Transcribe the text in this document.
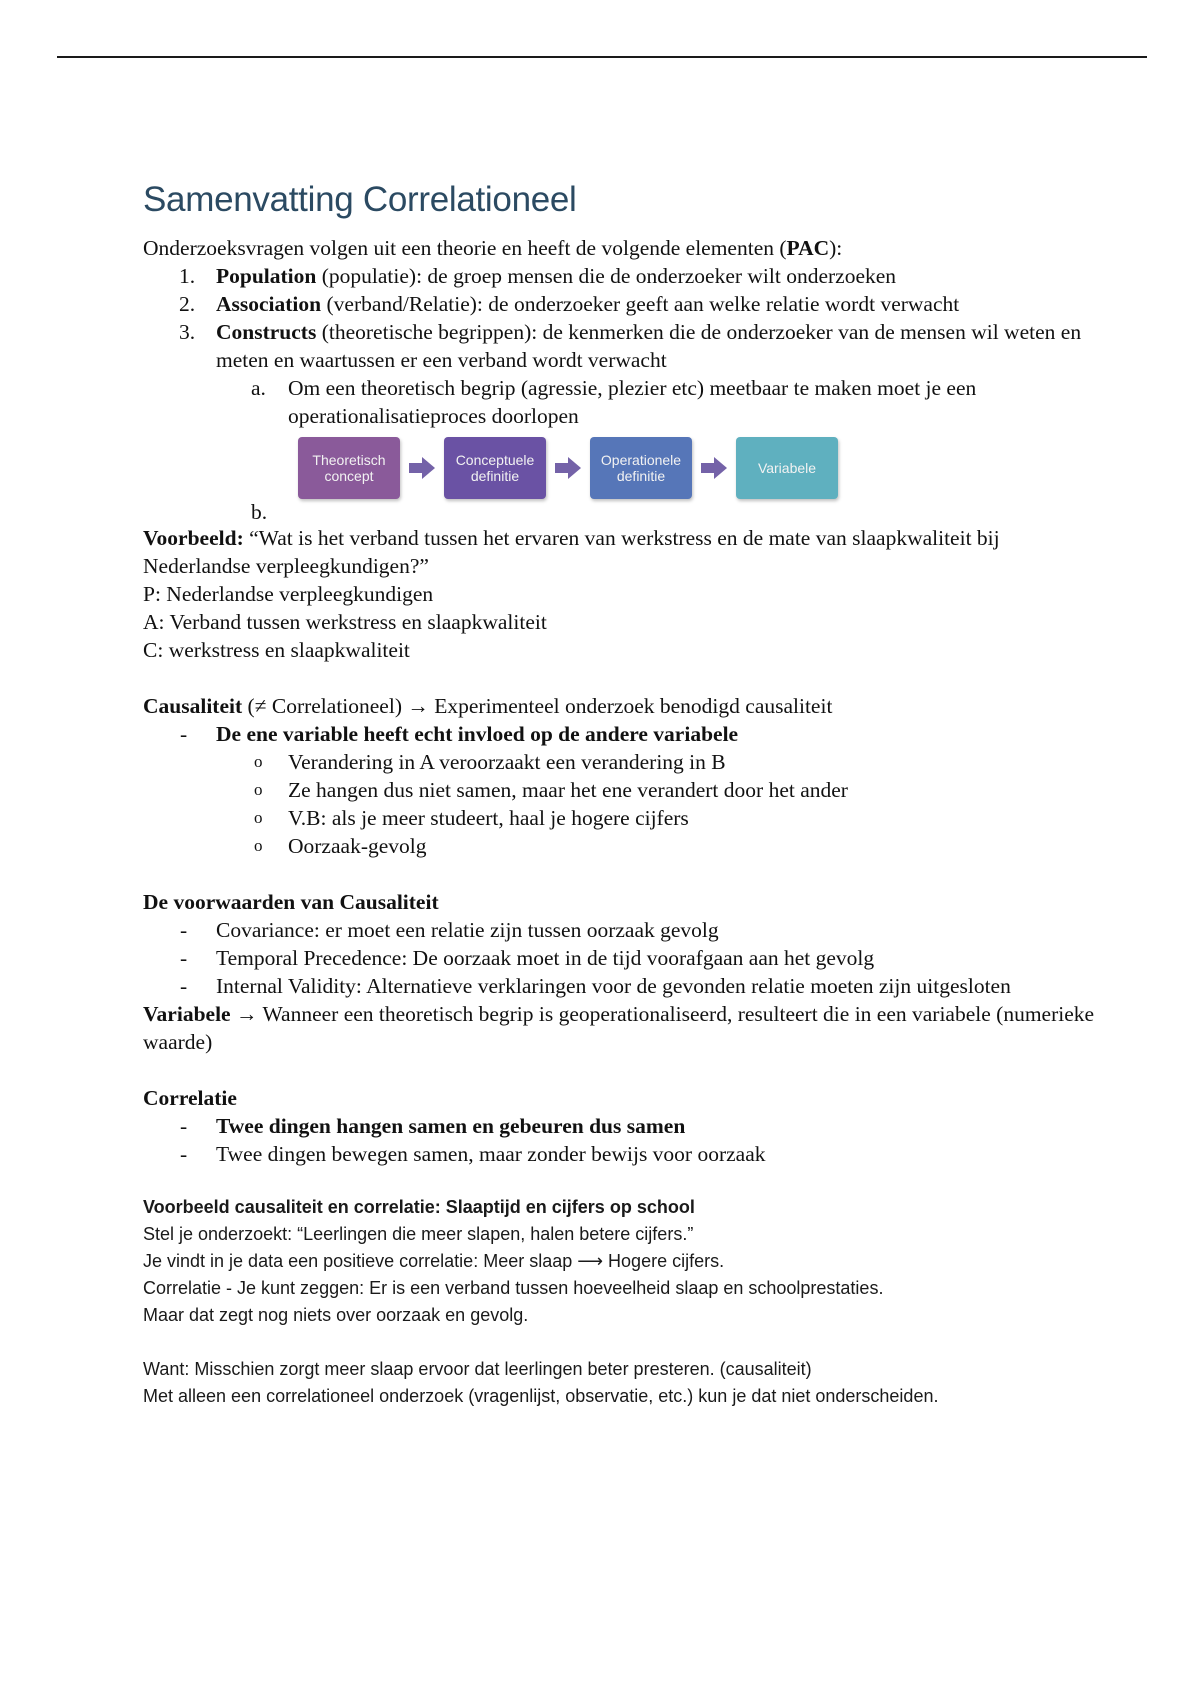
Samenvatting Correlationeel

Onderzoeksvragen volgen uit een theorie en heeft de volgende elementen (PAC):

1. Population (populatie): de groep mensen die de onderzoeker wilt onderzoeken
2. Association (verband/Relatie): de onderzoeker geeft aan welke relatie wordt verwacht
3. Constructs (theoretische begrippen): de kenmerken die de onderzoeker van de mensen wil weten en meten en waartussen er een verband wordt verwacht
a. Om een theoretisch begrip (agressie, plezier etc) meetbaar te maken moet je een operationalisatieproces doorlopen
Theoretisch concept
Conceptuele definitie
Operationele definitie	Variabele
b.

Voorbeeld: “Wat is het verband tussen het ervaren van werkstress en de mate van slaapkwaliteit bij Nederlandse verpleegkundigen?”

P: Nederlandse verpleegkundigen

A: Verband tussen werkstress en slaapkwaliteit

C: werkstress en slaapkwaliteit

Causaliteit (≠ Correlationeel) → Experimenteel onderzoek benodigd causaliteit

- De ene variable heeft echt invloed op de andere variabele
o Verandering in A veroorzaakt een verandering in B
o Ze hangen dus niet samen, maar het ene verandert door het ander
o V.B: als je meer studeert, haal je hogere cijfers
o Oorzaak-gevolg

De voorwaarden van Causaliteit

- Covariance: er moet een relatie zijn tussen oorzaak gevolg
- Temporal Precedence: De oorzaak moet in de tijd voorafgaan aan het gevolg
- Internal Validity: Alternatieve verklaringen voor de gevonden relatie moeten zijn uitgesloten

Variabele → Wanneer een theoretisch begrip is geoperationaliseerd, resulteert die in een variabele (numerieke waarde)

Correlatie

- Twee dingen hangen samen en gebeuren dus samen
- Twee dingen bewegen samen, maar zonder bewijs voor oorzaak

Voorbeeld causaliteit en correlatie: Slaaptijd en cijfers op school

Stel je onderzoekt: “Leerlingen die meer slapen, halen betere cijfers.”

Je vindt in je data een positieve correlatie: Meer slaap ⟶ Hogere cijfers.

Correlatie - Je kunt zeggen: Er is een verband tussen hoeveelheid slaap en schoolprestaties.

Maar dat zegt nog niets over oorzaak en gevolg.

Want: Misschien zorgt meer slaap ervoor dat leerlingen beter presteren. (causaliteit)

Met alleen een correlationeel onderzoek (vragenlijst, observatie, etc.) kun je dat niet onderscheiden.
